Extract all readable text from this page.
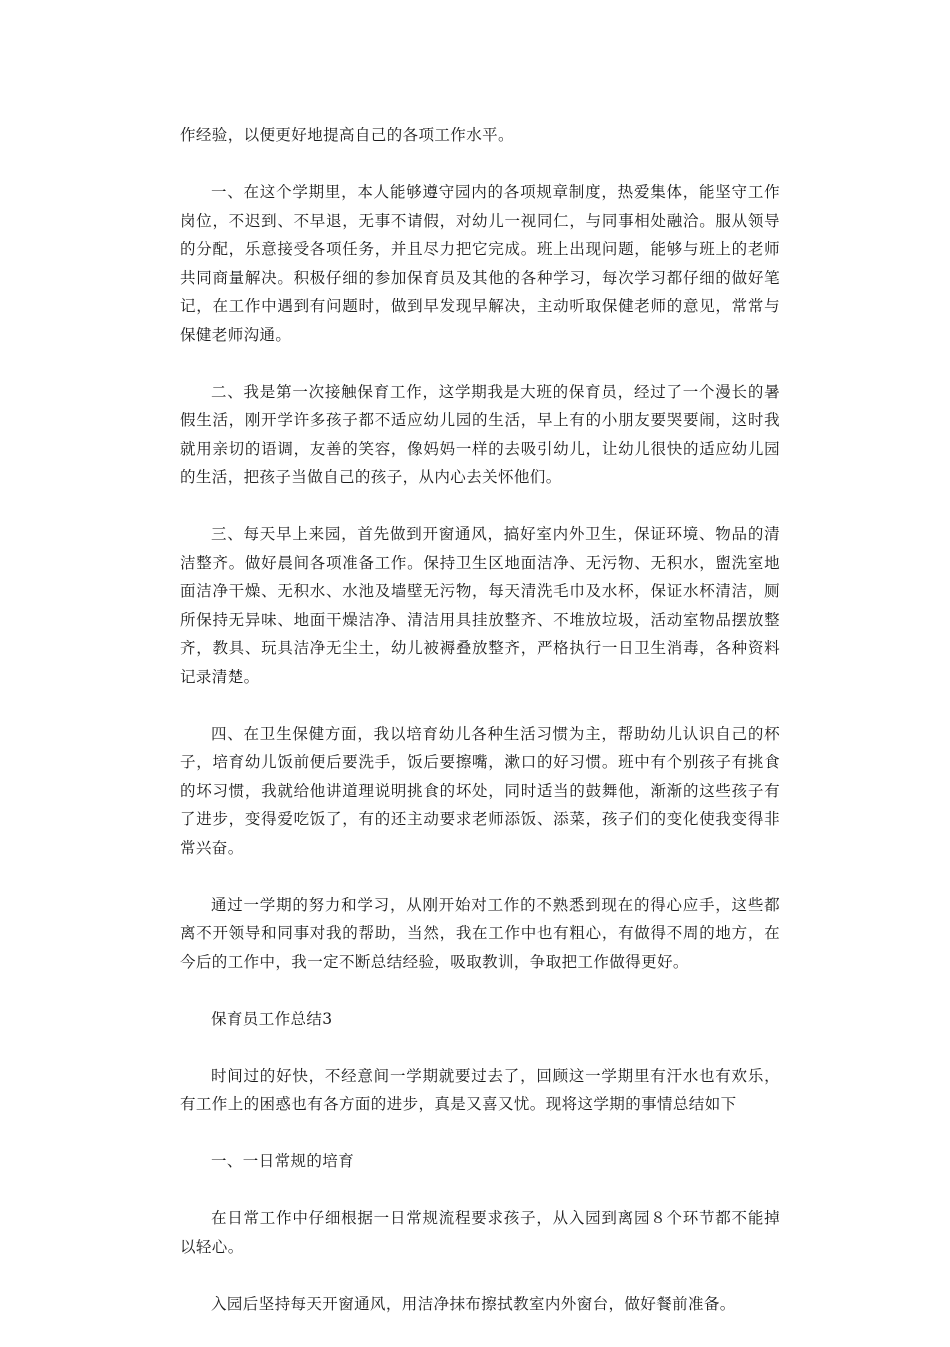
作经验，以便更好地提高自己的各项工作水平。

一、在这个学期里，本人能够遵守园内的各项规章制度，热爱集体，能坚守工作岗位，不迟到、不早退，无事不请假，对幼儿一视同仁，与同事相处融洽。服从领导的分配，乐意接受各项任务，并且尽力把它完成。班上出现问题，能够与班上的老师共同商量解决。积极仔细的参加保育员及其他的各种学习，每次学习都仔细的做好笔记，在工作中遇到有问题时，做到早发现早解决，主动听取保健老师的意见，常常与保健老师沟通。

二、我是第一次接触保育工作，这学期我是大班的保育员，经过了一个漫长的暑假生活，刚开学许多孩子都不适应幼儿园的生活，早上有的小朋友要哭要闹，这时我就用亲切的语调，友善的笑容，像妈妈一样的去吸引幼儿，让幼儿很快的适应幼儿园的生活，把孩子当做自己的孩子，从内心去关怀他们。

三、每天早上来园，首先做到开窗通风，搞好室内外卫生，保证环境、物品的清洁整齐。做好晨间各项准备工作。保持卫生区地面洁净、无污物、无积水，盥洗室地面洁净干燥、无积水、水池及墙壁无污物，每天清洗毛巾及水杯，保证水杯清洁，厕所保持无异味、地面干燥洁净、清洁用具挂放整齐、不堆放垃圾，活动室物品摆放整齐，教具、玩具洁净无尘土，幼儿被褥叠放整齐，严格执行一日卫生消毒，各种资料记录清楚。

四、在卫生保健方面，我以培育幼儿各种生活习惯为主，帮助幼儿认识自己的杯子，培育幼儿饭前便后要洗手，饭后要擦嘴，漱口的好习惯。班中有个别孩子有挑食的坏习惯，我就给他讲道理说明挑食的坏处，同时适当的鼓舞他，渐渐的这些孩子有了进步，变得爱吃饭了，有的还主动要求老师添饭、添菜，孩子们的变化使我变得非常兴奋。

通过一学期的努力和学习，从刚开始对工作的不熟悉到现在的得心应手，这些都离不开领导和同事对我的帮助，当然，我在工作中也有粗心，有做得不周的地方，在今后的工作中，我一定不断总结经验，吸取教训，争取把工作做得更好。

保育员工作总结3

时间过的好快，不经意间一学期就要过去了，回顾这一学期里有汗水也有欢乐，有工作上的困惑也有各方面的进步，真是又喜又忧。现将这学期的事情总结如下

一、一日常规的培育

在日常工作中仔细根据一日常规流程要求孩子，从入园到离园８个环节都不能掉以轻心。

入园后坚持每天开窗通风，用洁净抹布擦拭教室内外窗台，做好餐前准备。
